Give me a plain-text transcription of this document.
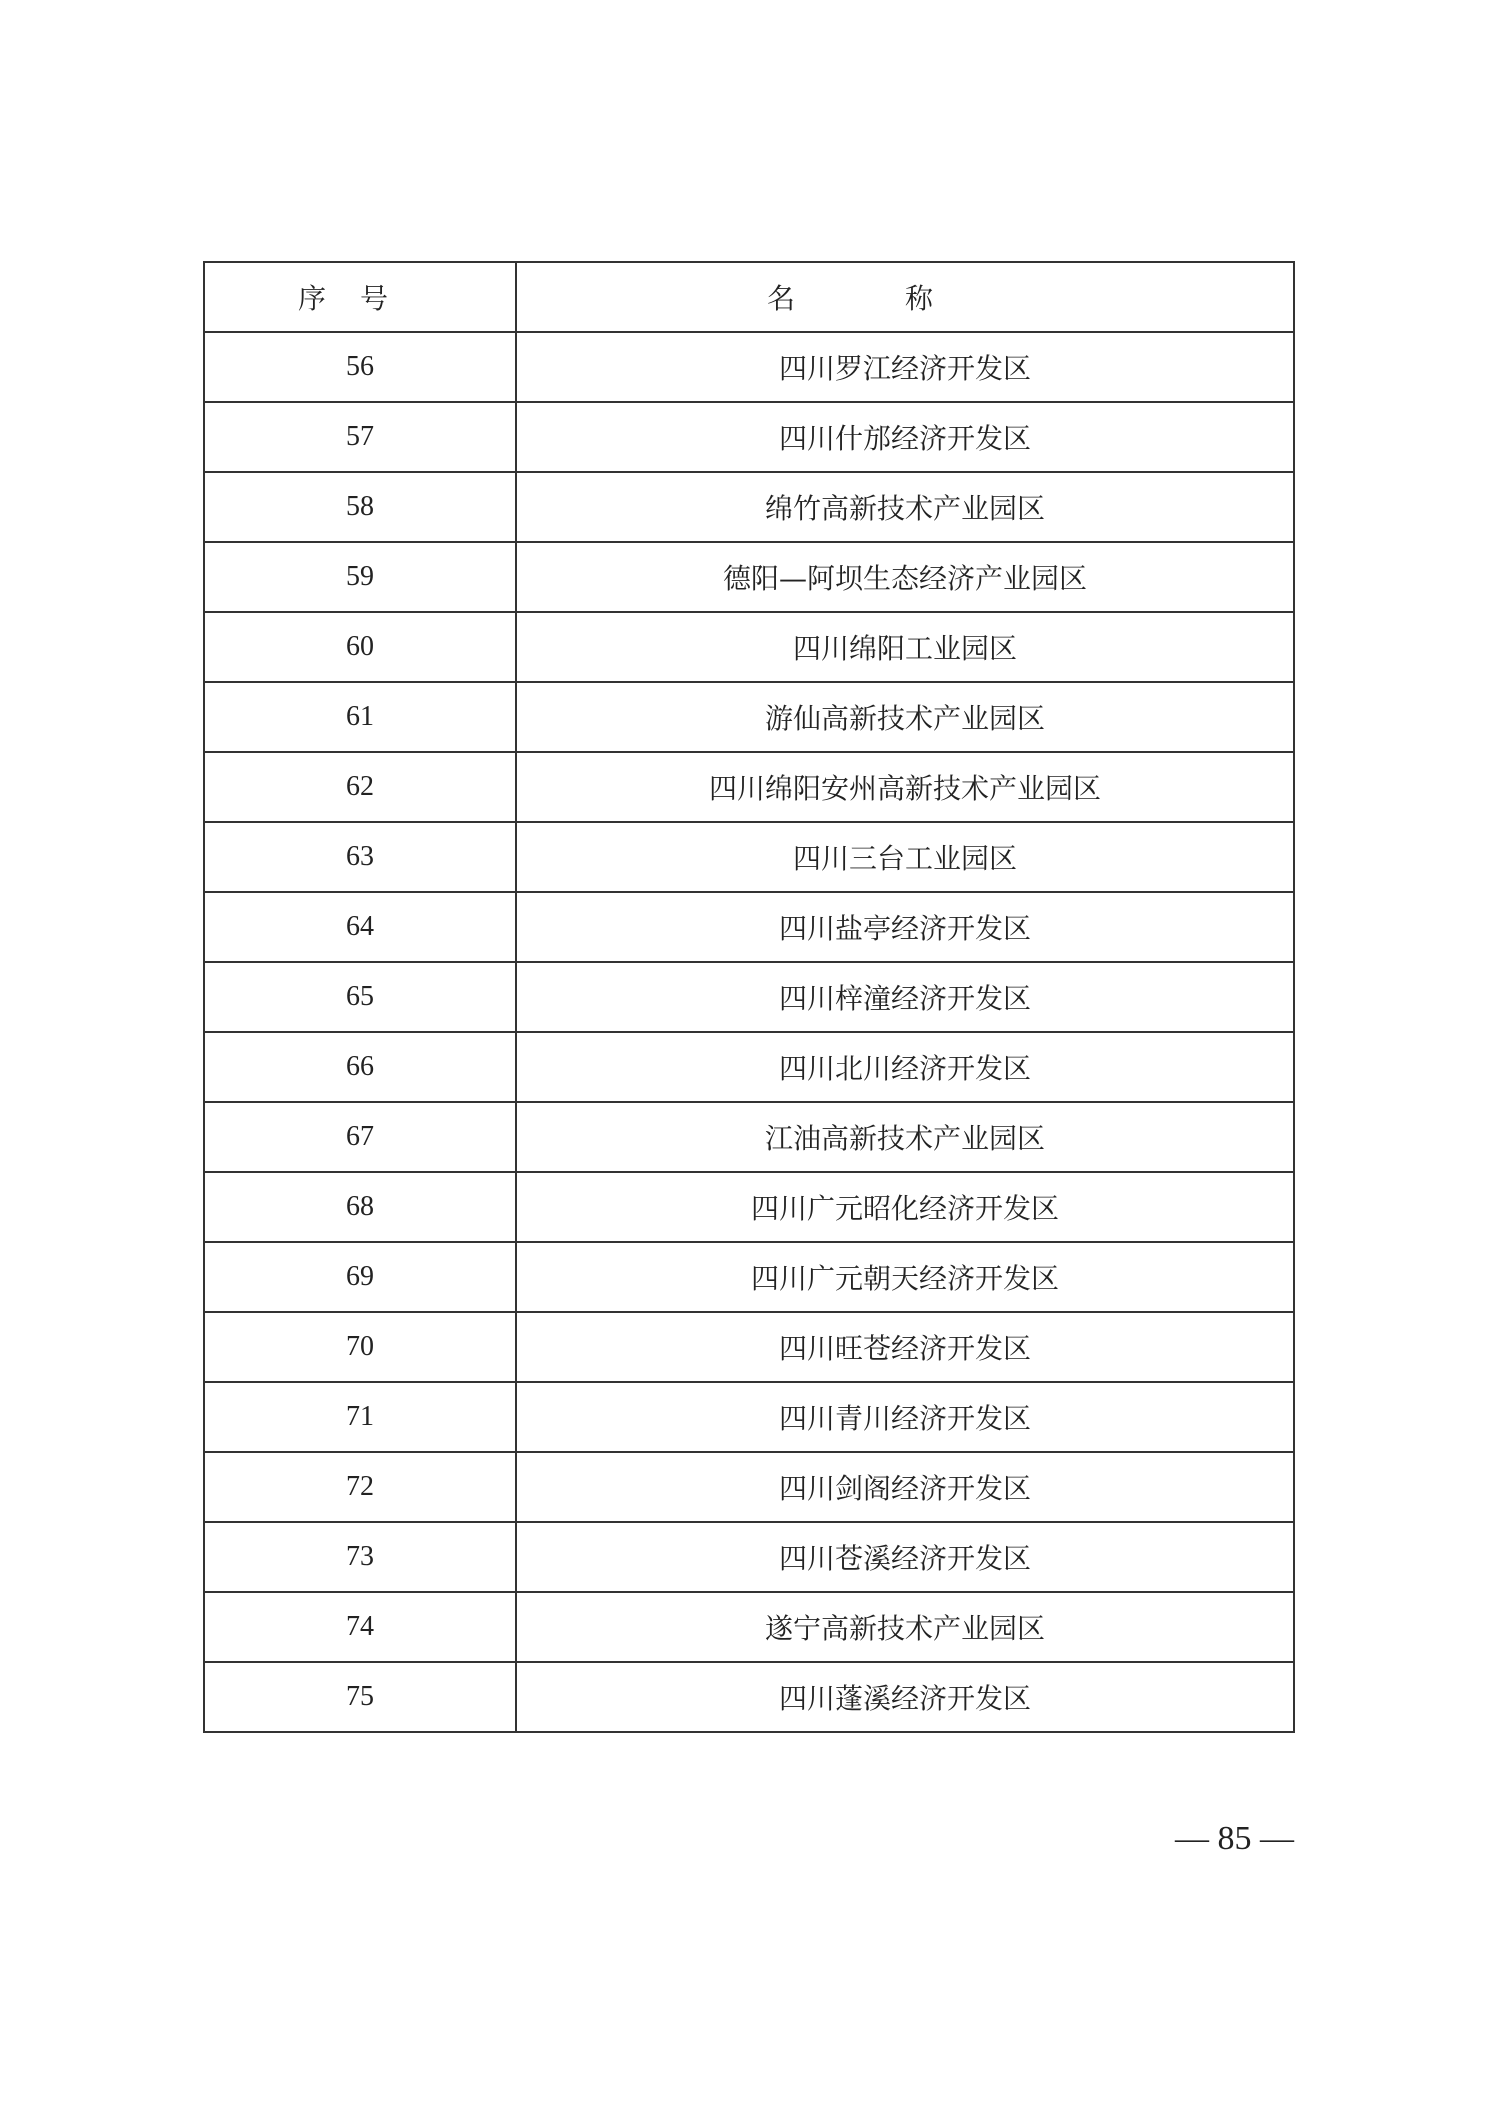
序号	名称
56	四川罗江经济开发区
57	四川什邡经济开发区
58	绵竹高新技术产业园区
59	德阳—阿坝生态经济产业园区
60	四川绵阳工业园区
61	游仙高新技术产业园区
62	四川绵阳安州高新技术产业园区
63	四川三台工业园区
64	四川盐亭经济开发区
65	四川梓潼经济开发区
66	四川北川经济开发区
67	江油高新技术产业园区
68	四川广元昭化经济开发区
69	四川广元朝天经济开发区
70	四川旺苍经济开发区
71	四川青川经济开发区
72	四川剑阁经济开发区
73	四川苍溪经济开发区
74	遂宁高新技术产业园区
75	四川蓬溪经济开发区
— 85 —
